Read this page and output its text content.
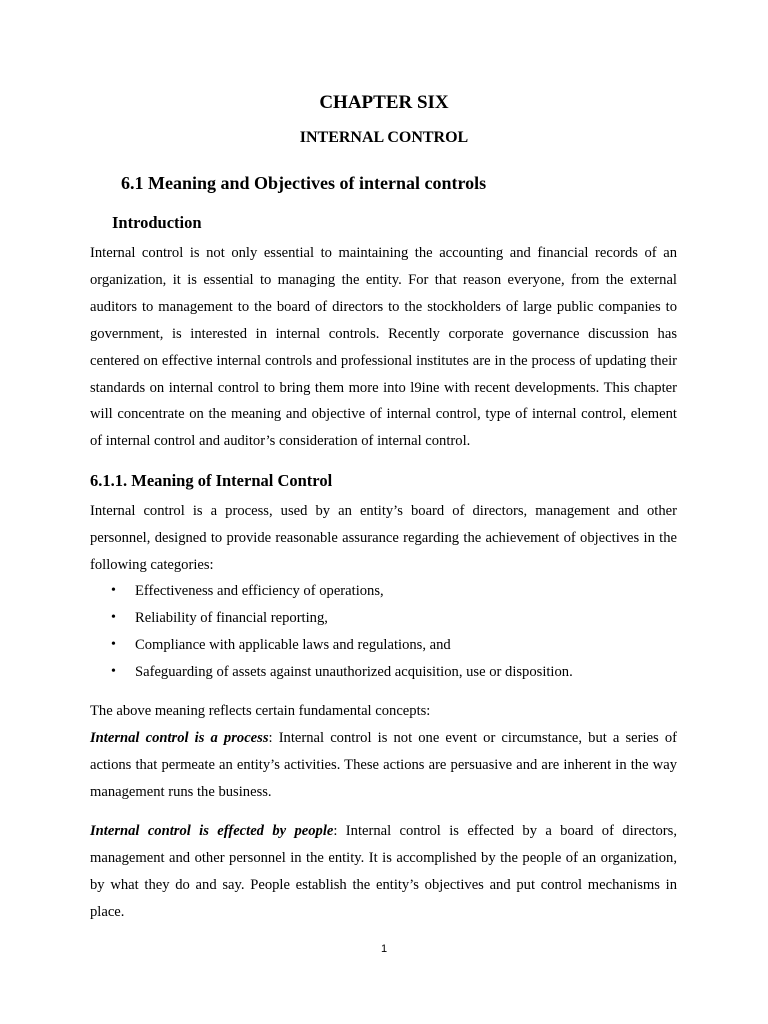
CHAPTER SIX
INTERNAL CONTROL
6.1 Meaning and Objectives of internal controls
Introduction

Internal control is not only essential to maintaining the accounting and financial records of an organization, it is essential to managing the entity. For that reason everyone, from the external auditors to management to the board of directors to the stockholders of large public companies to government, is interested in internal controls. Recently corporate governance discussion has centered on effective internal controls and professional institutes are in the process of updating their standards on internal control to bring them more into l9ine with recent developments. This chapter will concentrate on the meaning and objective of internal control, type of internal control, element of internal control and auditor’s consideration of internal control.

6.1.1. Meaning of Internal Control

Internal control is a process, used by an entity’s board of directors, management and other personnel, designed to provide reasonable assurance regarding the achievement of objectives in the following categories:

• Effectiveness and efficiency of operations,
• Reliability of financial reporting,
• Compliance with applicable laws and regulations, and
• Safeguarding of assets against unauthorized acquisition, use or disposition.

The above meaning reflects certain fundamental concepts:

Internal control is a process: Internal control is not one event or circumstance, but a series of actions that permeate an entity’s activities. These actions are persuasive and are inherent in the way management runs the business.

Internal control is effected by people: Internal control is effected by a board of directors, management and other personnel in the entity. It is accomplished by the people of an organization, by what they do and say. People establish the entity’s objectives and put control mechanisms in place.

1
